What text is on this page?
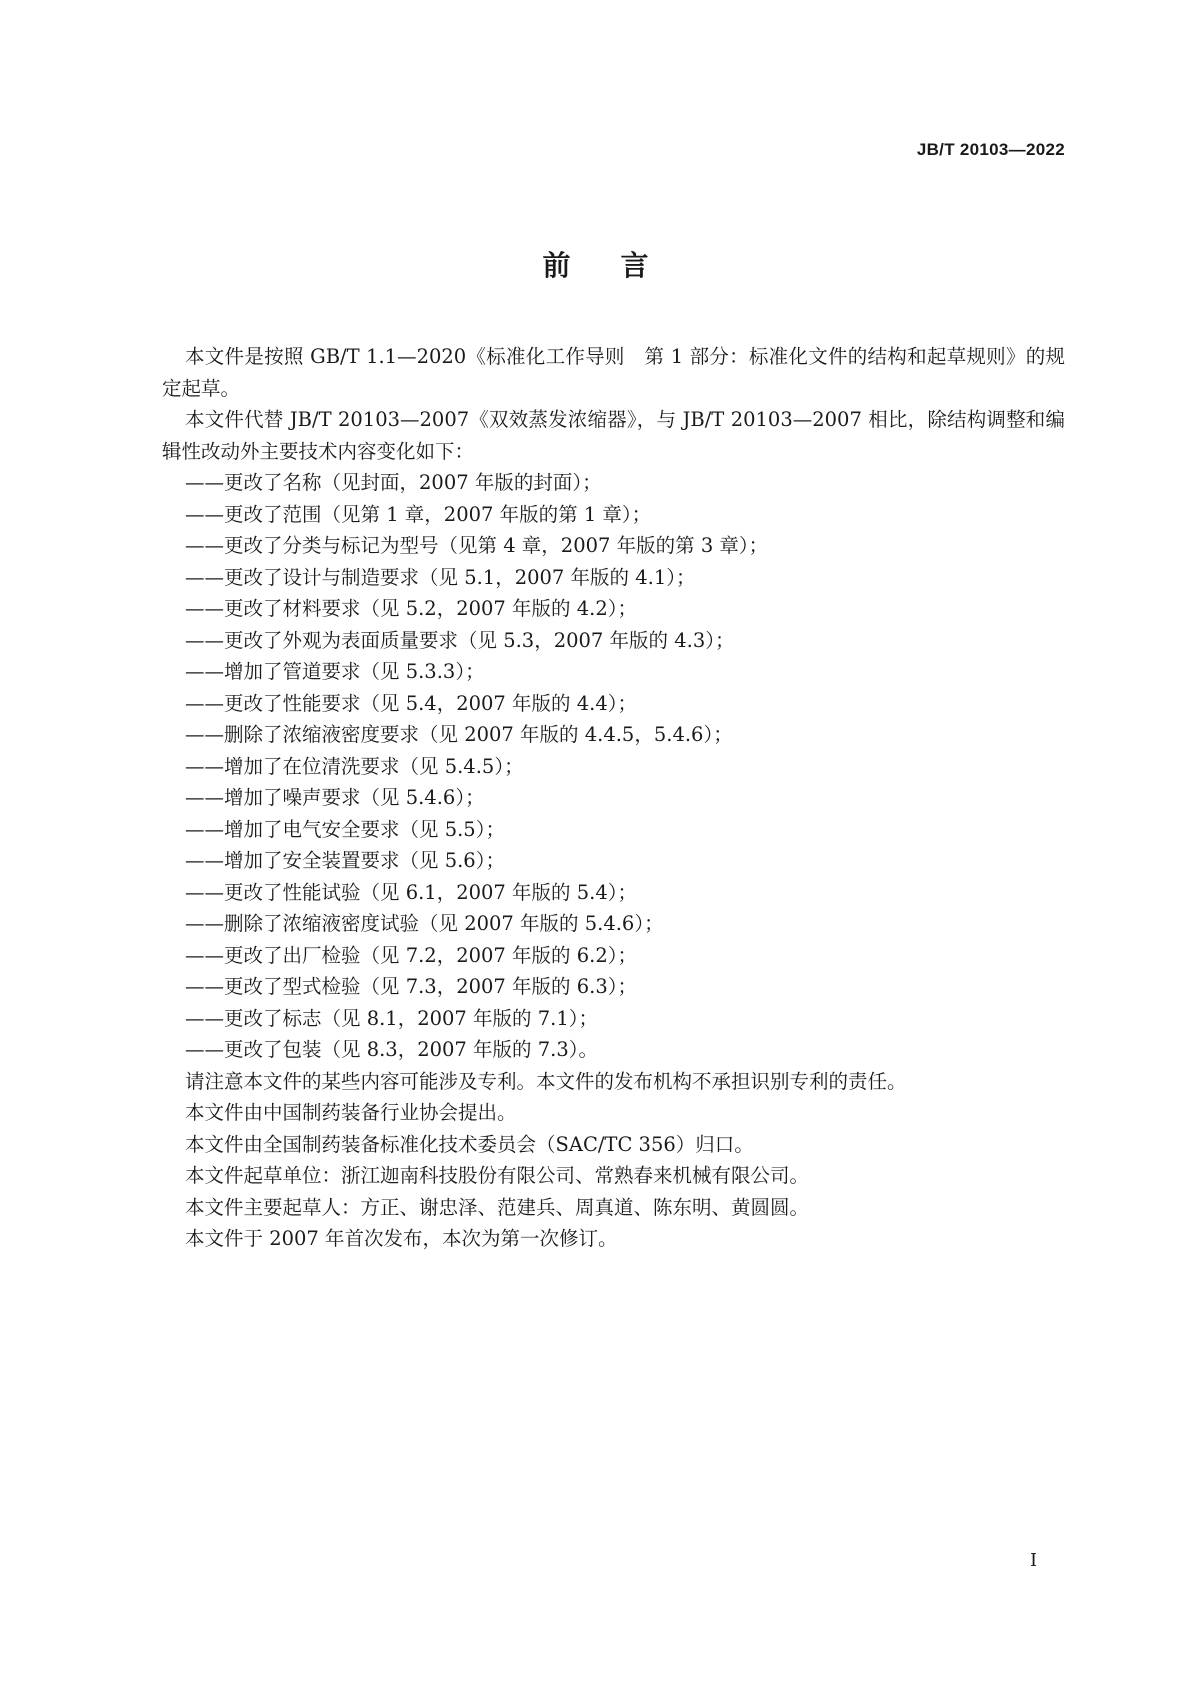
JB/T 20103—2022
前言

本文件是按照 GB/T 1.1—2020《标准化工作导则　第 1 部分：标准化文件的结构和起草规则》的规定起草。

本文件代替 JB/T 20103—2007《双效蒸发浓缩器》，与 JB/T 20103—2007 相比，除结构调整和编辑性改动外主要技术内容变化如下：

——更改了名称（见封面，2007 年版的封面）；

——更改了范围（见第 1 章，2007 年版的第 1 章）；

——更改了分类与标记为型号（见第 4 章，2007 年版的第 3 章）；

——更改了设计与制造要求（见 5.1，2007 年版的 4.1）；

——更改了材料要求（见 5.2，2007 年版的 4.2）；

——更改了外观为表面质量要求（见 5.3，2007 年版的 4.3）；

——增加了管道要求（见 5.3.3）；

——更改了性能要求（见 5.4，2007 年版的 4.4）；

——删除了浓缩液密度要求（见 2007 年版的 4.4.5，5.4.6）；

——增加了在位清洗要求（见 5.4.5）；

——增加了噪声要求（见 5.4.6）；

——增加了电气安全要求（见 5.5）；

——增加了安全装置要求（见 5.6）；

——更改了性能试验（见 6.1，2007 年版的 5.4）；

——删除了浓缩液密度试验（见 2007 年版的 5.4.6）；

——更改了出厂检验（见 7.2，2007 年版的 6.2）；

——更改了型式检验（见 7.3，2007 年版的 6.3）；

——更改了标志（见 8.1，2007 年版的 7.1）；

——更改了包装（见 8.3，2007 年版的 7.3）。

请注意本文件的某些内容可能涉及专利。本文件的发布机构不承担识别专利的责任。

本文件由中国制药装备行业协会提出。

本文件由全国制药装备标准化技术委员会（SAC/TC 356）归口。

本文件起草单位：浙江迦南科技股份有限公司、常熟春来机械有限公司。

本文件主要起草人：方正、谢忠泽、范建兵、周真道、陈东明、黄圆圆。

本文件于 2007 年首次发布，本次为第一次修订。

I
